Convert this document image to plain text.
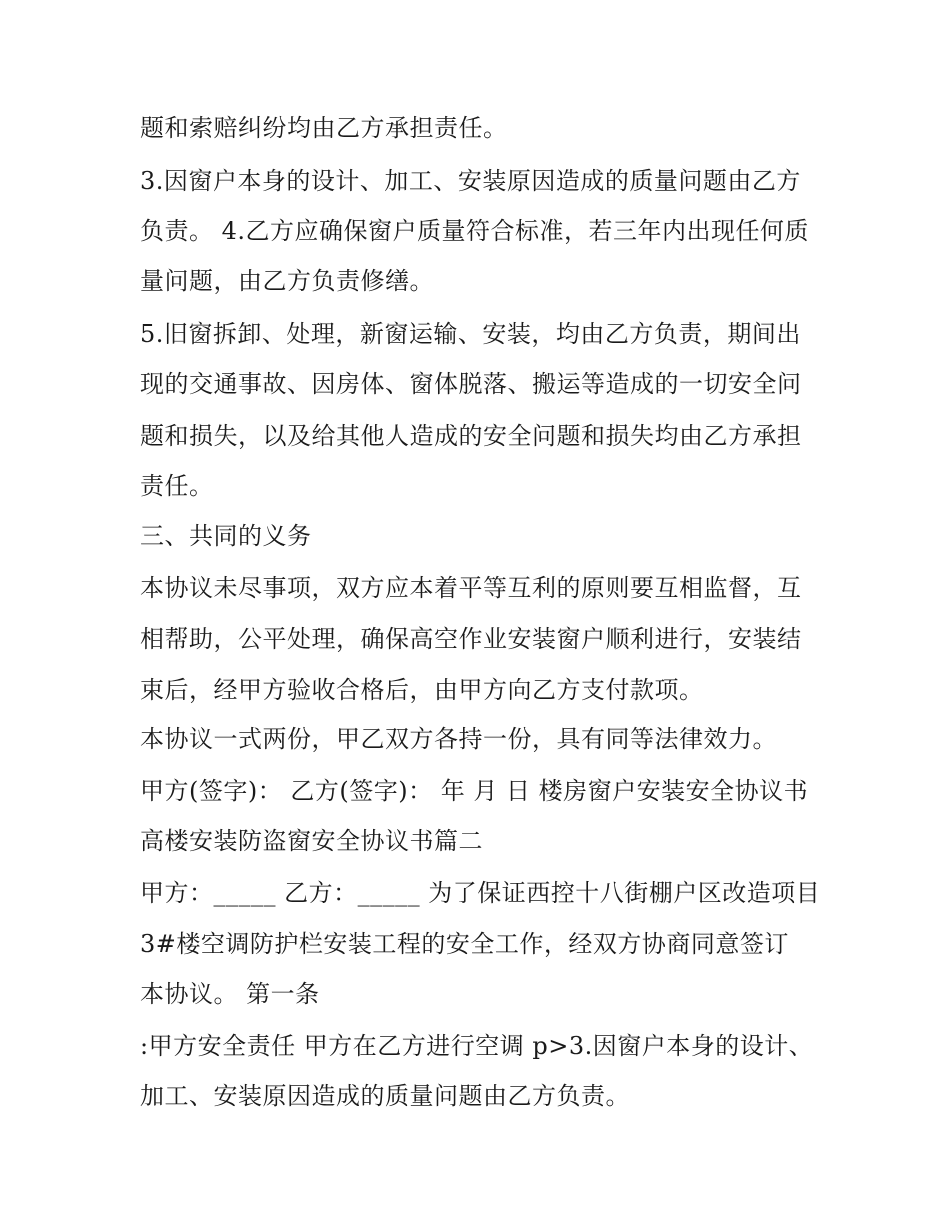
题和索赔纠纷均由乙方承担责任。
3.因窗户本身的设计、加工、安装原因造成的质量问题由乙方
负责。 4.乙方应确保窗户质量符合标准，若三年内出现任何质
量问题，由乙方负责修缮。
5.旧窗拆卸、处理，新窗运输、安装，均由乙方负责，期间出
现的交通事故、因房体、窗体脱落、搬运等造成的一切安全问
题和损失，以及给其他人造成的安全问题和损失均由乙方承担
责任。
三、共同的义务
本协议未尽事项，双方应本着平等互利的原则要互相监督，互
相帮助，公平处理，确保高空作业安装窗户顺利进行，安装结
束后，经甲方验收合格后，由甲方向乙方支付款项。
本协议一式两份，甲乙双方各持一份，具有同等法律效力。
甲方(签字)： 乙方(签字)： 年 月 日 楼房窗户安装安全协议书
高楼安装防盗窗安全协议书篇二
甲方：_____ 乙方：_____ 为了保证西控十八街棚户区改造项目
3#楼空调防护栏安装工程的安全工作，经双方协商同意签订
本协议。 第一条
:甲方安全责任 甲方在乙方进行空调 p>3.因窗户本身的设计、
加工、安装原因造成的质量问题由乙方负责。
